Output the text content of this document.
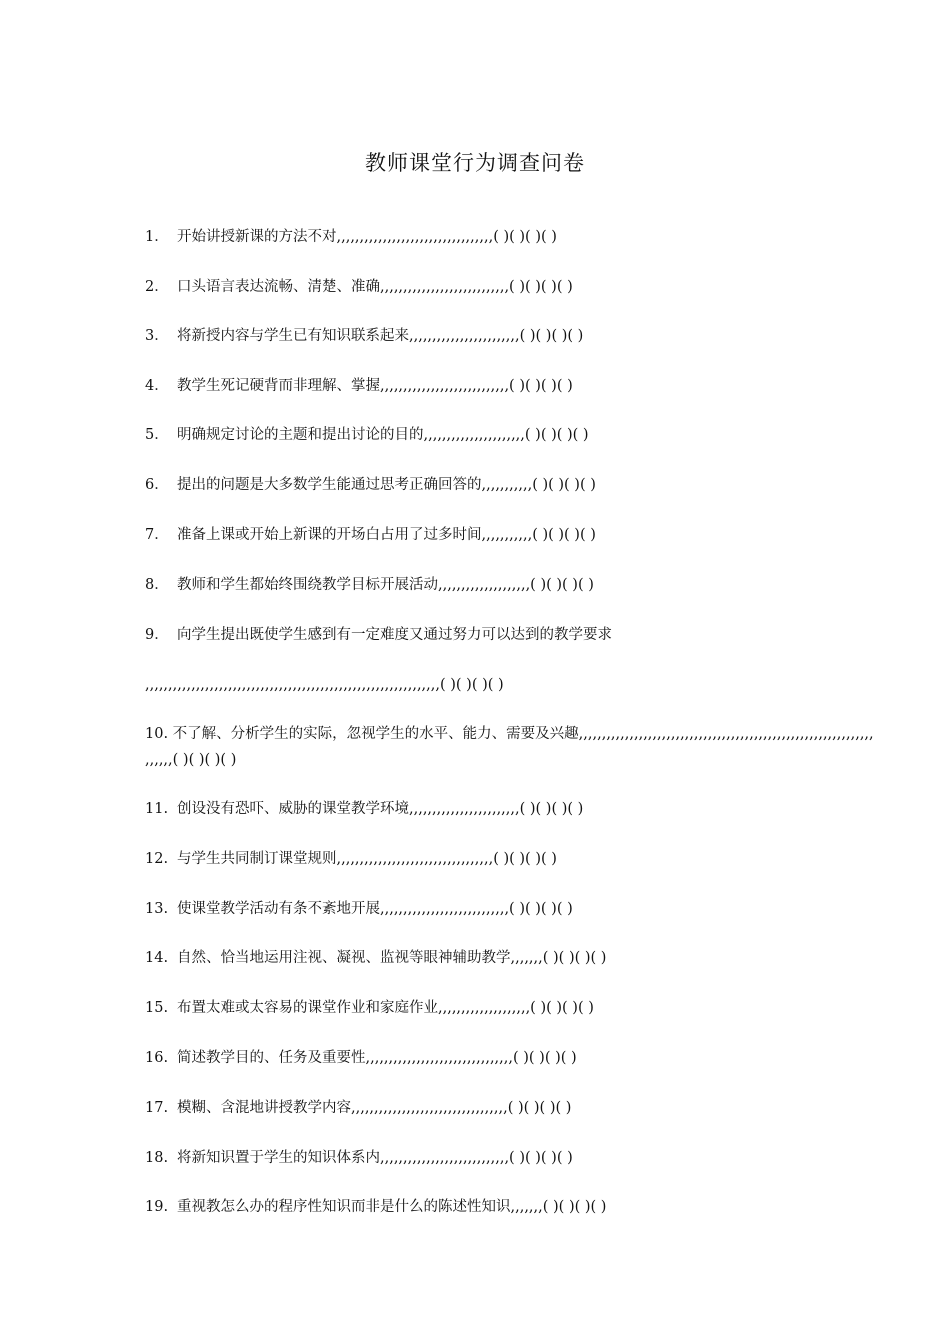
教师课堂行为调查问卷
1． 开始讲授新课的方法不对,,,,,,,,,,,,,,,,,,,,,,,,,,,,,,,,,,( )( )( )( )
2． 口头语言表达流畅、清楚、准确,,,,,,,,,,,,,,,,,,,,,,,,,,,,( )( )( )( )
3． 将新授内容与学生已有知识联系起来,,,,,,,,,,,,,,,,,,,,,,,,( )( )( )( )
4． 教学生死记硬背而非理解、掌握,,,,,,,,,,,,,,,,,,,,,,,,,,,,( )( )( )( )
5． 明确规定讨论的主题和提出讨论的目的,,,,,,,,,,,,,,,,,,,,,,( )( )( )( )
6． 提出的问题是大多数学生能通过思考正确回答的,,,,,,,,,,,( )( )( )( )
7． 准备上课或开始上新课的开场白占用了过多时间,,,,,,,,,,,( )( )( )( )
8． 教师和学生都始终围绕教学目标开展活动,,,,,,,,,,,,,,,,,,,,( )( )( )( )
9． 向学生提出既使学生感到有一定难度又通过努力可以达到的教学要求
,,,,,,,,,,,,,,,,,,,,,,,,,,,,,,,,,,,,,,,,,,,,,,,,,,,,,,,,,,,,,,,,( )( )( )( )
10. 不了解、分析学生的实际，忽视学生的水平、能力、需要及兴趣,,,,,,,,,,,,,,,,,,,,,,,,,,,,,,,,,,,,,,,,,,,,,,,,,,,,,,,,,,,,,,,,
,,,,,,( )( )( )( )
11. 创设没有恐吓、威胁的课堂教学环境,,,,,,,,,,,,,,,,,,,,,,,,( )( )( )( )
12. 与学生共同制订课堂规则,,,,,,,,,,,,,,,,,,,,,,,,,,,,,,,,,,( )( )( )( )
13. 使课堂教学活动有条不紊地开展,,,,,,,,,,,,,,,,,,,,,,,,,,,,( )( )( )( )
14. 自然、恰当地运用注视、凝视、监视等眼神辅助教学,,,,,,,( )( )( )( )
15. 布置太难或太容易的课堂作业和家庭作业,,,,,,,,,,,,,,,,,,,,( )( )( )( )
16. 简述教学目的、任务及重要性,,,,,,,,,,,,,,,,,,,,,,,,,,,,,,,,( )( )( )( )
17. 模糊、含混地讲授教学内容,,,,,,,,,,,,,,,,,,,,,,,,,,,,,,,,,,( )( )( )( )
18. 将新知识置于学生的知识体系内,,,,,,,,,,,,,,,,,,,,,,,,,,,,( )( )( )( )
19. 重视教怎么办的程序性知识而非是什么的陈述性知识,,,,,,,( )( )( )( )
